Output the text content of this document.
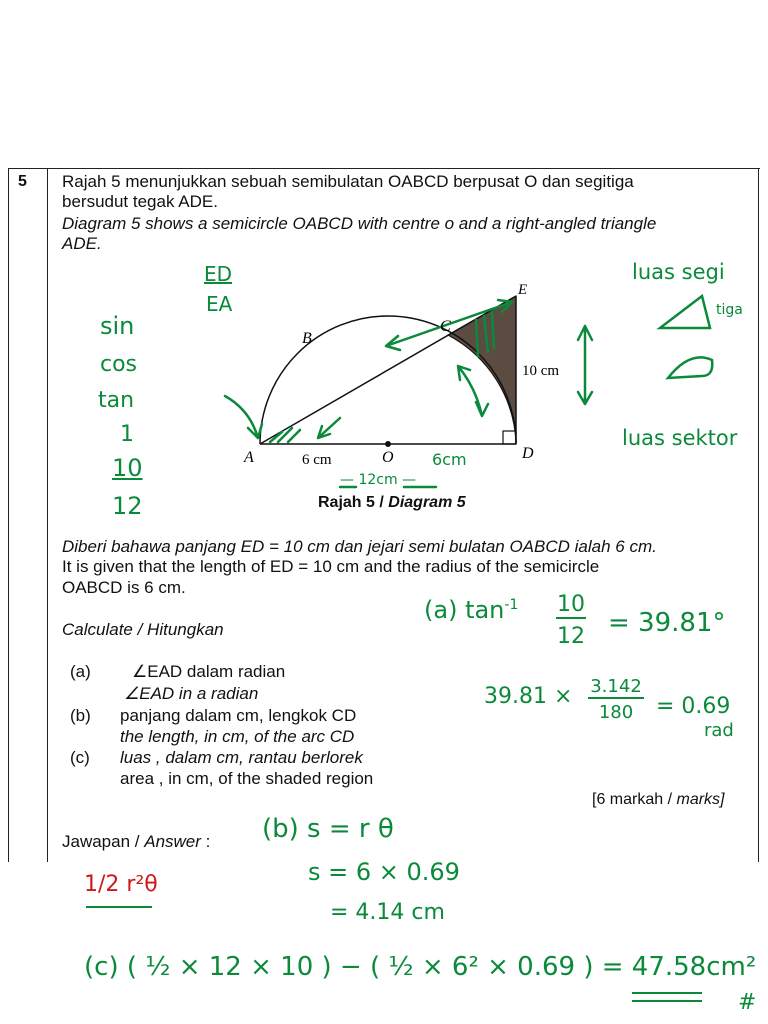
5 Rajah 5 menunjukkan sebuah semibulatan OABCD berpusat O dan segitiga
bersudut tegak ADE.
Diagram 5 shows a semicircle OABCD with centre o and a right-angled triangle
ADE.
A
B
C
D
E
O
10 cm
6 cm
Rajah 5 / Diagram 5
Diberi bahawa panjang ED = 10 cm dan jejari semi bulatan OABCD ialah 6 cm.
It is given that the length of ED = 10 cm and the radius of the semicircle
OABCD is 6 cm.
Calculate / Hitungkan
(a) ∠EAD dalam radian
∠EAD in a radian
(b) panjang dalam cm, lengkok CD
the length, in cm, of the arc CD
(c) luas , dalam cm, rantau berlorek
area , in cm, of the shaded region
[6 markah / marks]
Jawapan / Answer :
ED
EA
sin
cos
tan
1
10
12
luas segi
tiga
luas sektor
6cm
— 12cm —
(a) $\tan^{-1} 10$
12 = 39.81°
39.81 × 3.142
180	= 0.69
rad
(b) s = r θ
s = 6 × 0.69
= 4.14 cm
1/2 r²θ
(c) ( ½ × 12 × 10 ) − ( ½ × 6² × 0.69 ) = 47.58cm²
#
